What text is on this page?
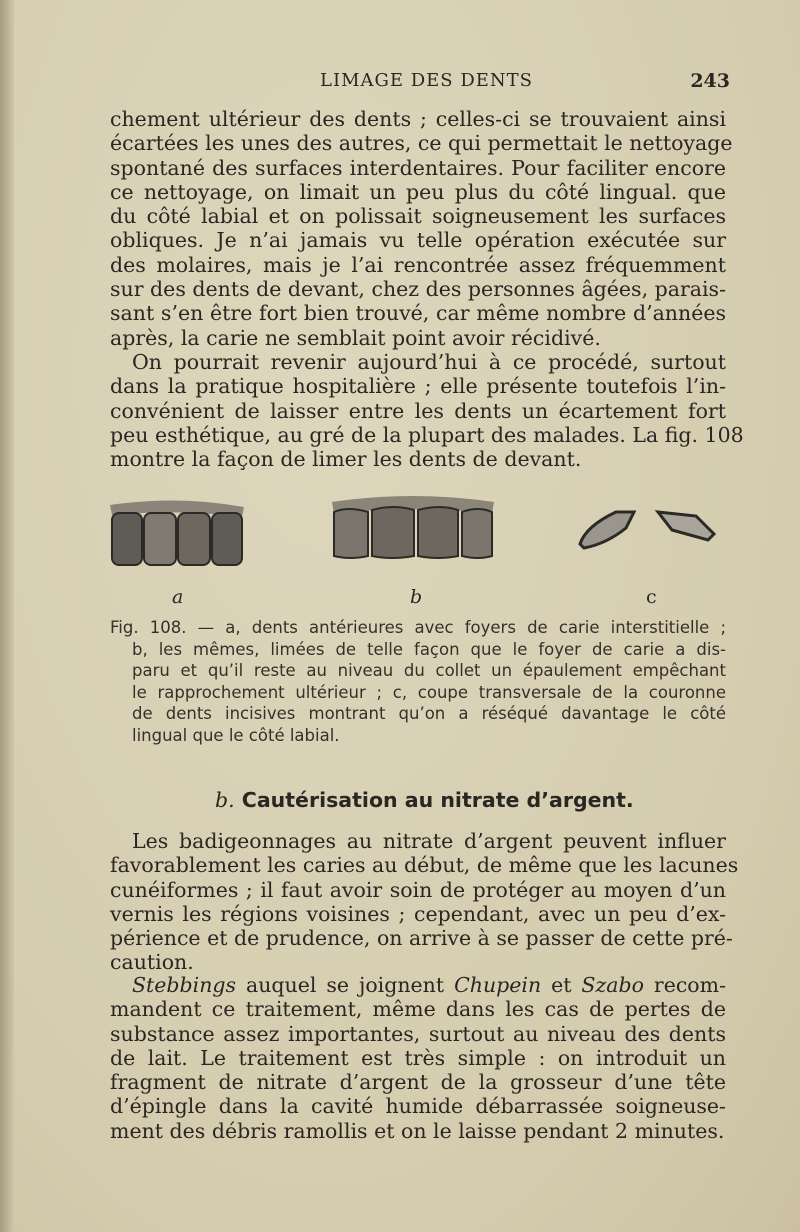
LIMAGE DES DENTS	243

chement ultérieur des dents ; celles-ci se trouvaient ainsi
écartées les unes des autres, ce qui permettait le nettoyage
spontané des surfaces interdentaires. Pour faciliter encore
ce nettoyage, on limait un peu plus du côté lingual. que
du côté labial et on polissait soigneusement les surfaces
obliques. Je n’ai jamais vu telle opération exécutée sur
des molaires, mais je l’ai rencontrée assez fréquemment
sur des dents de devant, chez des personnes âgées, parais-
sant s’en être fort bien trouvé, car même nombre d’années
après, la carie ne semblait point avoir récidivé.

On pourrait revenir aujourd’hui à ce procédé, surtout
dans la pratique hospitalière ; elle présente toutefois l’in-
convénient de laisser entre les dents un écartement fort
peu esthétique, au gré de la plupart des malades. La fig. 108
montre la façon de limer les dents de devant.

a	b	c
Fig. 108. — a, dents antérieures avec foyers de carie interstitielle ;
b, les mêmes, limées de telle façon que le foyer de carie a dis-
paru et qu’il reste au niveau du collet un épaulement empêchant
le rapprochement ultérieur ; c, coupe transversale de la couronne
de dents incisives montrant qu’on a réséqué davantage le côté
lingual que le côté labial.
b. Cautérisation au nitrate d’argent.

Les badigeonnages au nitrate d’argent peuvent influer
favorablement les caries au début, de même que les lacunes
cunéiformes ; il faut avoir soin de protéger au moyen d’un
vernis les régions voisines ; cependant, avec un peu d’ex-
périence et de prudence, on arrive à se passer de cette pré-
caution.

Stebbings auquel se joignent Chupein et Szabo recom-
mandent ce traitement, même dans les cas de pertes de
substance assez importantes, surtout au niveau des dents
de lait. Le traitement est très simple : on introduit un
fragment de nitrate d’argent de la grosseur d’une tête
d’épingle dans la cavité humide débarrassée soigneuse-
ment des débris ramollis et on le laisse pendant 2 minutes.
